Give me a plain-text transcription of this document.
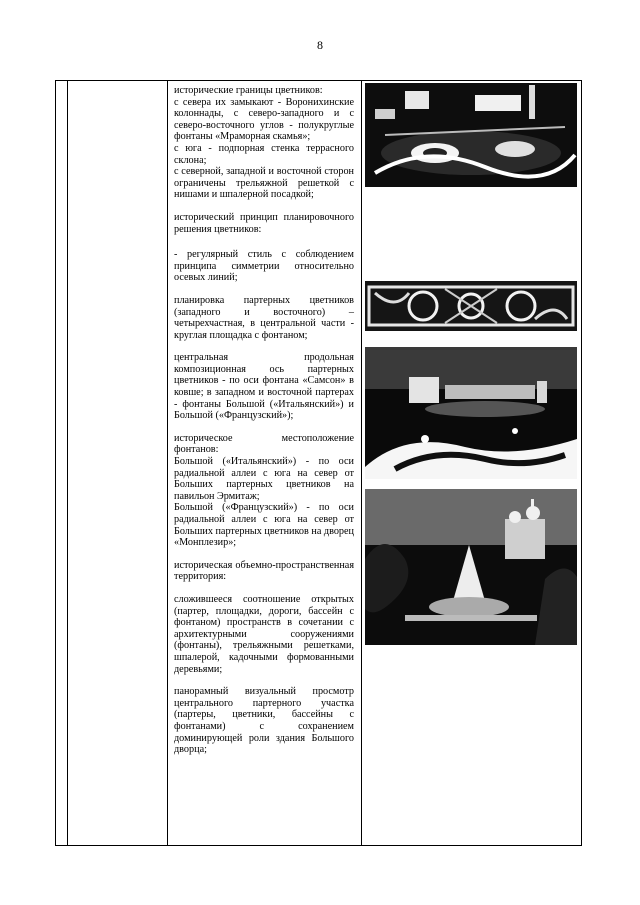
8

исторические границы цветников:
с севера их замыкают - Воронихинские колоннады, с северо-западного и с северо-восточного углов - полукруглые фонтаны «Мраморная скамья»;
с юга - подпорная стенка террасного склона;
с северной, западной и восточной сторон ограничены трельяжной решеткой с нишами и шпалерной посадкой;

исторический принцип планировочного решения цветников:

- регулярный стиль с соблюдением принципа симметрии относительно осевых линий;

планировка партерных цветников (западного и восточного) – четырехчастная, в центральной части - круглая площадка с фонтаном;

центральная продольная композиционная ось партерных цветников - по оси фонтана «Самсон» в ковше; в западном и восточной партерах - фонтаны Большой («Итальянский») и Большой («Французский»);

историческое местоположение фонтанов:
Большой («Итальянский») - по оси радиальной аллеи с юга на север от Больших партерных цветников на павильон Эрмитаж;
Большой («Французский») - по оси радиальной аллеи с юга на север от Больших партерных цветников на дворец «Монплезир»;

историческая объемно-пространственная территория:

сложившееся соотношение открытых (партер, площадки, дороги, бассейн с фонтаном) пространств в сочетании с архитектурными сооружениями (фонтаны), трельяжными решетками, шпалерой, кадочными формованными деревьями;

панорамный визуальный просмотр центрального партерного участка (партеры, цветники, бассейны с фонтанами) с сохранением доминирующей роли здания Большого дворца;
